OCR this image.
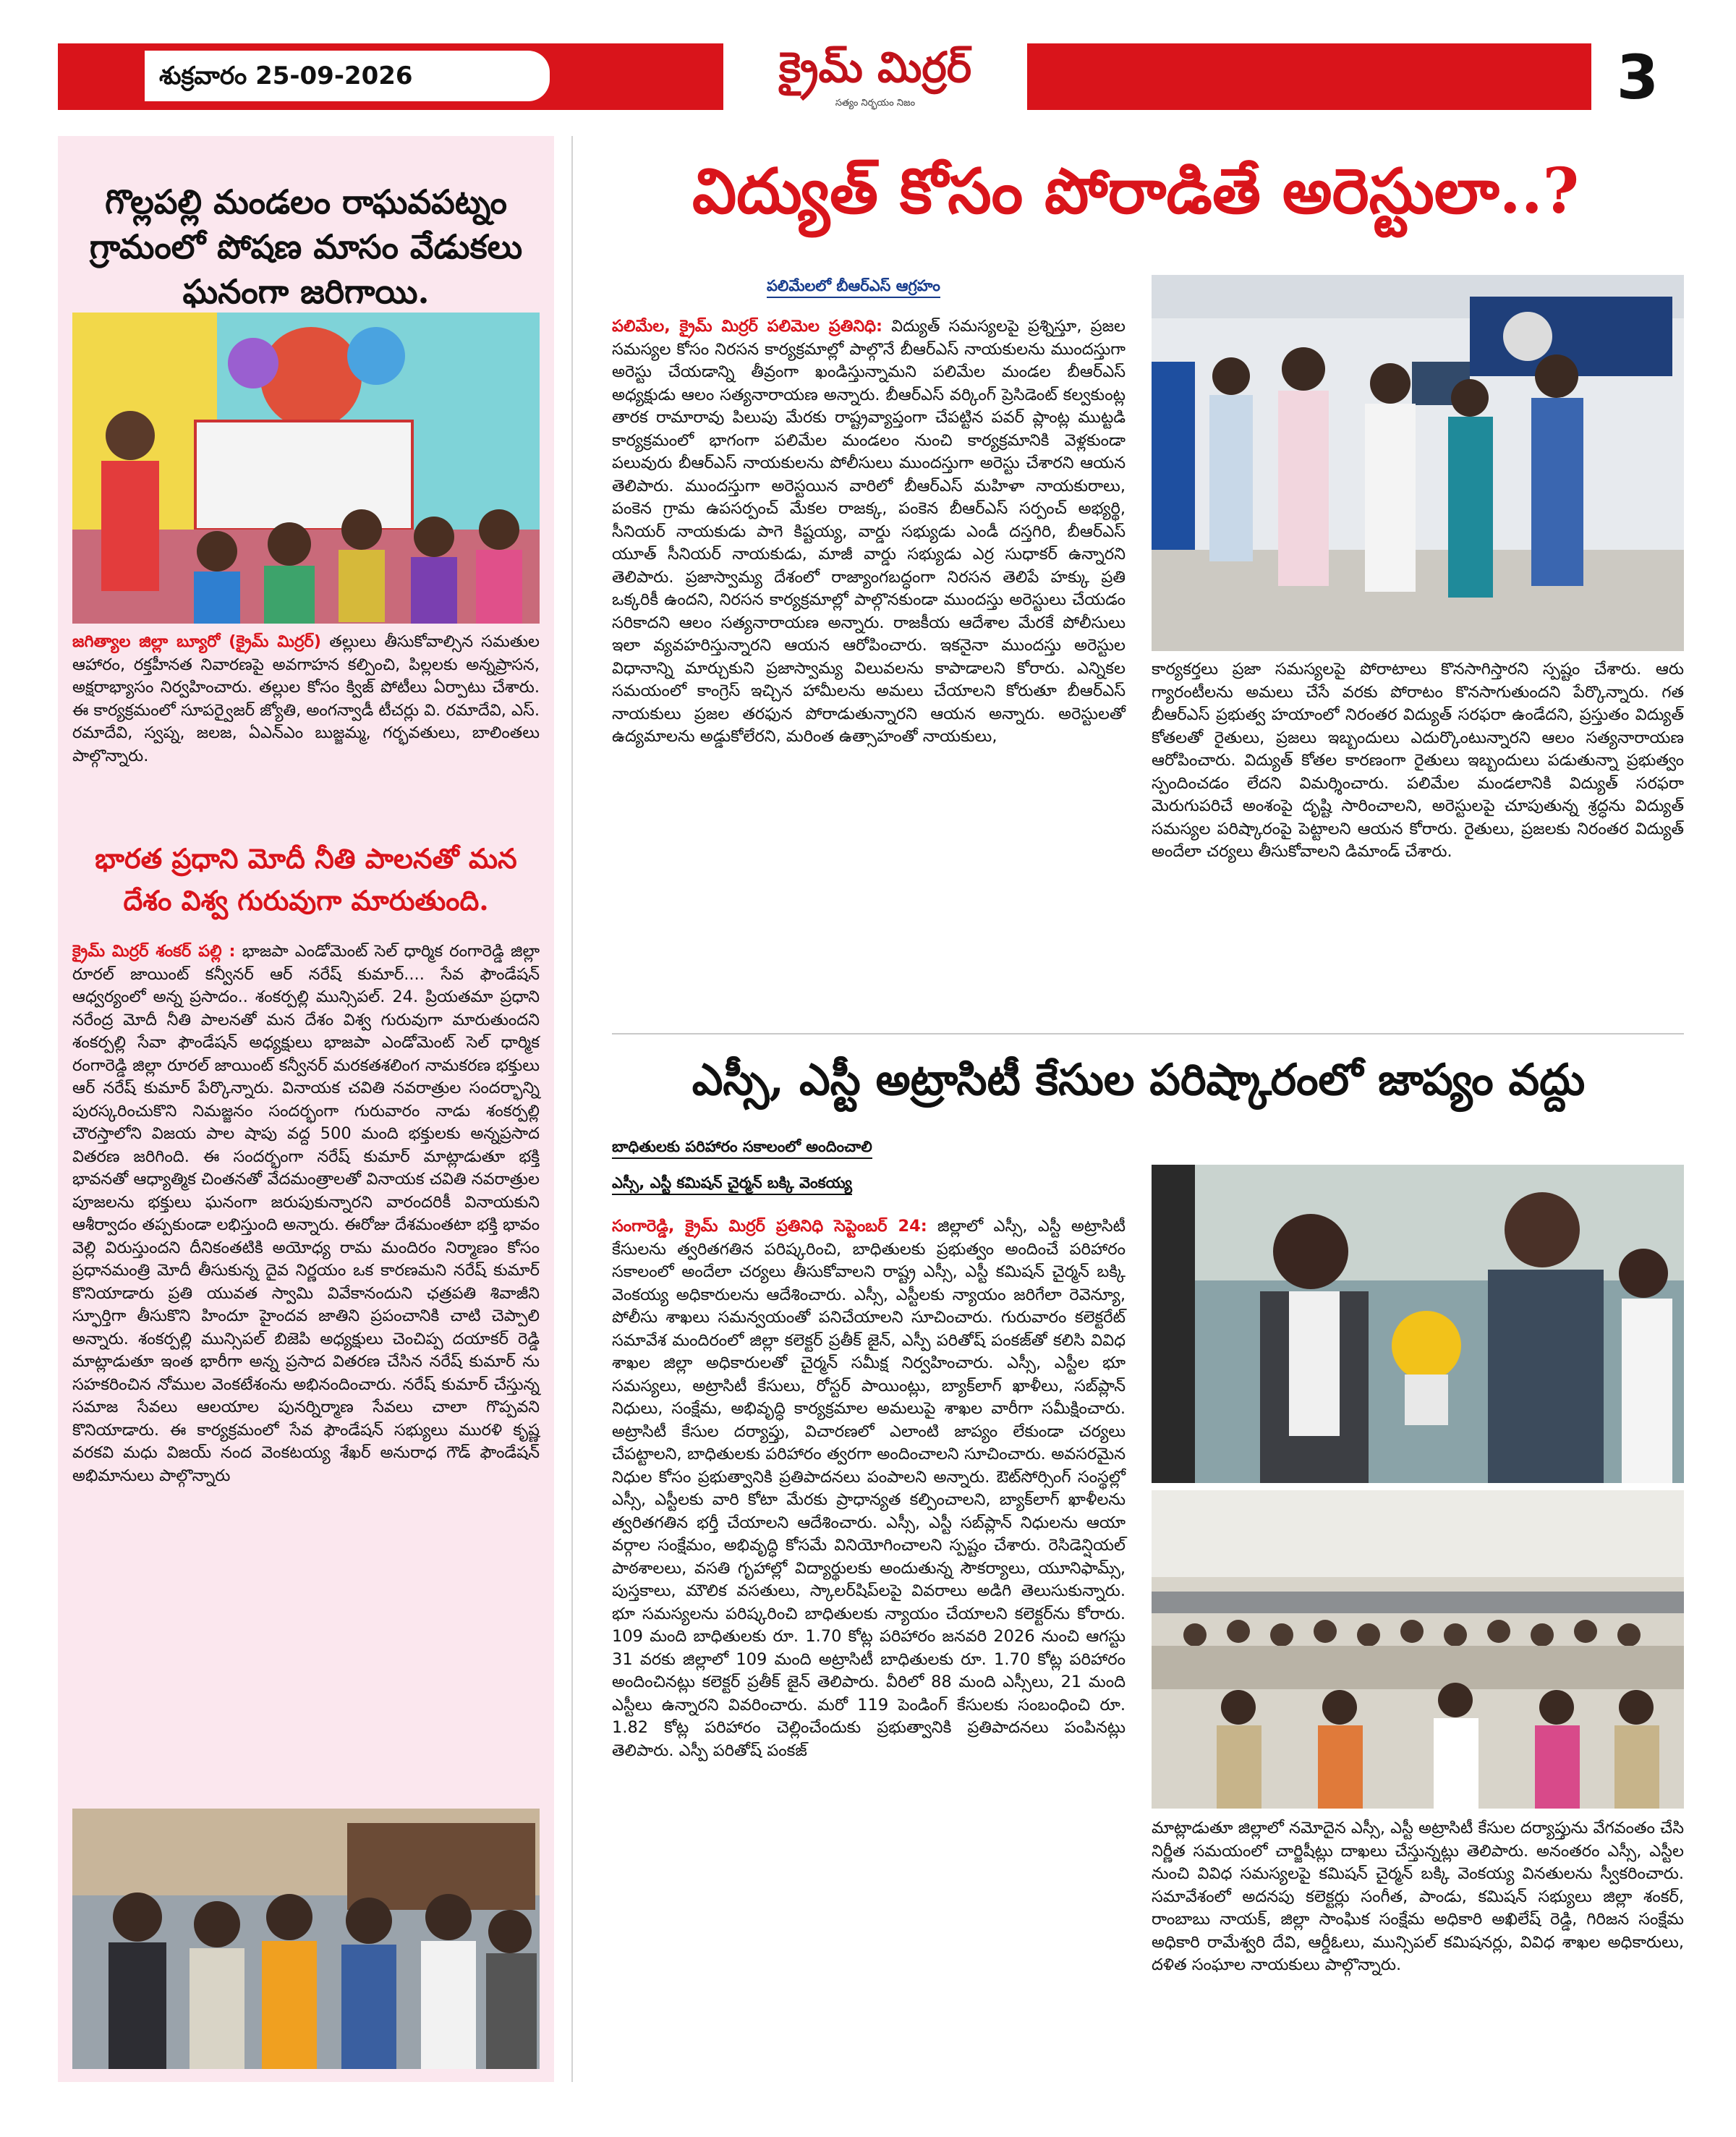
శుక్రవారం 25-09-2026	క్రైమ్ మిర్రర్
సత్యం నిర్భయం నిజం	3
గొల్లపల్లి మండలం రాఘవపట్నం గ్రామంలో పోషణ మాసం వేడుకలు ఘనంగా జరిగాయి.
జగిత్యాల జిల్లా బ్యూరో (క్రైమ్ మిర్రర్) తల్లులు తీసుకోవాల్సిన సమతుల ఆహారం, రక్తహీనత నివారణపై అవగాహన కల్పించి, పిల్లలకు అన్నప్రాసన, అక్షరాభ్యాసం నిర్వహించారు. తల్లుల కోసం క్విజ్ పోటీలు ఏర్పాటు చేశారు. ఈ కార్యక్రమంలో సూపర్వైజర్ జ్యోతి, అంగన్వాడీ టీచర్లు వి. రమాదేవి, ఎస్. రమాదేవి, స్వప్న, జలజ, ఏఎన్ఎం బుజ్జమ్మ, గర్భవతులు, బాలింతలు పాల్గొన్నారు.
భారత ప్రధాని మోదీ నీతి పాలనతో మన దేశం విశ్వ గురువుగా మారుతుంది.
క్రైమ్ మిర్రర్ శంకర్ పల్లి : భాజపా ఎండోమెంట్ సెల్ ధార్మిక రంగారెడ్డి జిల్లా రూరల్ జాయింట్ కన్వీనర్ ఆర్ నరేష్ కుమార్.... సేవ ఫౌండేషన్ ఆధ్వర్యంలో అన్న ప్రసాదం.. శంకర్పల్లి మున్సిపల్. 24. ప్రియతమా ప్రధాని నరేంద్ర మోదీ నీతి పాలనతో మన దేశం విశ్వ గురువుగా మారుతుందని శంకర్పల్లి సేవా ఫౌండేషన్ అధ్యక్షులు భాజపా ఎండోమెంట్ సెల్ ధార్మిక రంగారెడ్డి జిల్లా రూరల్ జాయింట్ కన్వీనర్ మరకతశలింగ నామకరణ భక్తులు ఆర్ నరేష్ కుమార్ పేర్కొన్నారు. వినాయక చవితి నవరాత్రుల సందర్భాన్ని పురస్కరించుకొని నిమజ్జనం సందర్భంగా గురువారం నాడు శంకర్పల్లి చౌరస్తాలోని విజయ పాల షాపు వద్ద 500 మంది భక్తులకు అన్నప్రసాద వితరణ జరిగింది. ఈ సందర్భంగా నరేష్ కుమార్ మాట్లాడుతూ భక్తి భావనతో ఆధ్యాత్మిక చింతనతో వేదమంత్రాలతో వినాయక చవితి నవరాత్రుల పూజలను భక్తులు ఘనంగా జరుపుకున్నారని వారందరికీ వినాయకుని ఆశీర్వాదం తప్పకుండా లభిస్తుంది అన్నారు. ఈరోజు దేశమంతటా భక్తి భావం వెల్లి విరుస్తుందని దీనికంతటికి అయోధ్య రామ మందిరం నిర్మాణం కోసం ప్రధానమంత్రి మోదీ తీసుకున్న దైవ నిర్ణయం ఒక కారణమని నరేష్ కుమార్ కొనియాడారు ప్రతి యువత స్వామి వివేకానందుని ఛత్రపతి శివాజీని స్ఫూర్తిగా తీసుకొని హిందూ హైందవ జాతిని ప్రపంచానికి చాటి చెప్పాలి అన్నారు. శంకర్పల్లి మున్సిపల్ బిజెపి అధ్యక్షులు చెంచిప్ప దయాకర్ రెడ్డి మాట్లాడుతూ ఇంత భారీగా అన్న ప్రసాద వితరణ చేసిన నరేష్ కుమార్ ను సహకరించిన నోముల వెంకటేశంను అభినందించారు. నరేష్ కుమార్ చేస్తున్న సమాజ సేవలు ఆలయాల పునర్నిర్మాణ సేవలు చాలా గొప్పవని కొనియాడారు. ఈ కార్యక్రమంలో సేవ ఫౌండేషన్ సభ్యులు మురళి కృష్ణ వరకవి మధు విజయ్ నంద వెంకటయ్య శేఖర్ అనురాధ గౌడ్ ఫౌండేషన్ అభిమానులు పాల్గొన్నారు
విద్యుత్ కోసం పోరాడితే అరెస్టులా..?
పలిమేలలో బీఆర్ఎస్ ఆగ్రహం
పలిమేల, క్రైమ్ మిర్రర్ పలిమెల ప్రతినిధి: విద్యుత్ సమస్యలపై ప్రశ్నిస్తూ, ప్రజల సమస్యల కోసం నిరసన కార్యక్రమాల్లో పాల్గొనే బీఆర్ఎస్ నాయకులను ముందస్తుగా అరెస్టు చేయడాన్ని తీవ్రంగా ఖండిస్తున్నామని పలిమేల మండల బీఆర్ఎస్ అధ్యక్షుడు ఆలం సత్యనారాయణ అన్నారు. బీఆర్ఎస్ వర్కింగ్ ప్రెసిడెంట్ కల్వకుంట్ల తారక రామారావు పిలుపు మేరకు రాష్ట్రవ్యాప్తంగా చేపట్టిన పవర్ ప్లాంట్ల ముట్టడి కార్యక్రమంలో భాగంగా పలిమేల మండలం నుంచి కార్యక్రమానికి వెళ్లకుండా పలువురు బీఆర్ఎస్ నాయకులను పోలీసులు ముందస్తుగా అరెస్టు చేశారని ఆయన తెలిపారు. ముందస్తుగా అరెస్టయిన వారిలో బీఆర్ఎస్ మహిళా నాయకురాలు, పంకెన గ్రామ ఉపసర్పంచ్ మేకల రాజక్క, పంకెన బీఆర్ఎస్ సర్పంచ్ అభ్యర్థి, సీనియర్ నాయకుడు పాగె కిష్టయ్య, వార్డు సభ్యుడు ఎండీ దస్తగిరి, బీఆర్ఎస్ యూత్ సీనియర్ నాయకుడు, మాజీ వార్డు సభ్యుడు ఎర్ర సుధాకర్ ఉన్నారని తెలిపారు. ప్రజాస్వామ్య దేశంలో రాజ్యాంగబద్ధంగా నిరసన తెలిపే హక్కు ప్రతి ఒక్కరికీ ఉందని, నిరసన కార్యక్రమాల్లో పాల్గొనకుండా ముందస్తు అరెస్టులు చేయడం సరికాదని ఆలం సత్యనారాయణ అన్నారు. రాజకీయ ఆదేశాల మేరకే పోలీసులు ఇలా వ్యవహరిస్తున్నారని ఆయన ఆరోపించారు. ఇకనైనా ముందస్తు అరెస్టుల విధానాన్ని మార్చుకుని ప్రజాస్వామ్య విలువలను కాపాడాలని కోరారు. ఎన్నికల సమయంలో కాంగ్రెస్ ఇచ్చిన హామీలను అమలు చేయాలని కోరుతూ బీఆర్ఎస్ నాయకులు ప్రజల తరఫున పోరాడుతున్నారని ఆయన అన్నారు. అరెస్టులతో ఉద్యమాలను అడ్డుకోలేరని, మరింత ఉత్సాహంతో నాయకులు,
కార్యకర్తలు ప్రజా సమస్యలపై పోరాటాలు కొనసాగిస్తారని స్పష్టం చేశారు. ఆరు గ్యారంటీలను అమలు చేసే వరకు పోరాటం కొనసాగుతుందని పేర్కొన్నారు. గత బీఆర్ఎస్ ప్రభుత్వ హయాంలో నిరంతర విద్యుత్ సరఫరా ఉండేదని, ప్రస్తుతం విద్యుత్ కోతలతో రైతులు, ప్రజలు ఇబ్బందులు ఎదుర్కొంటున్నారని ఆలం సత్యనారాయణ ఆరోపించారు. విద్యుత్ కోతల కారణంగా రైతులు ఇబ్బందులు పడుతున్నా ప్రభుత్వం స్పందించడం లేదని విమర్శించారు. పలిమేల మండలానికి విద్యుత్ సరఫరా మెరుగుపరిచే అంశంపై దృష్టి సారించాలని, అరెస్టులపై చూపుతున్న శ్రద్ధను విద్యుత్ సమస్యల పరిష్కారంపై పెట్టాలని ఆయన కోరారు. రైతులు, ప్రజలకు నిరంతర విద్యుత్ అందేలా చర్యలు తీసుకోవాలని డిమాండ్ చేశారు.
ఎస్సీ, ఎస్టీ అట్రాసిటీ కేసుల పరిష్కారంలో జాప్యం వద్దు
బాధితులకు పరిహారం సకాలంలో అందించాలి
ఎస్సీ, ఎస్టీ కమిషన్ చైర్మన్ బక్కి వెంకయ్య
సంగారెడ్డి, క్రైమ్ మిర్రర్ ప్రతినిధి సెప్టెంబర్ 24: జిల్లాలో ఎస్సీ, ఎస్టీ అట్రాసిటీ కేసులను త్వరితగతిన పరిష్కరించి, బాధితులకు ప్రభుత్వం అందించే పరిహారం సకాలంలో అందేలా చర్యలు తీసుకోవాలని రాష్ట్ర ఎస్సీ, ఎస్టీ కమిషన్ చైర్మన్ బక్కి వెంకయ్య అధికారులను ఆదేశించారు. ఎస్సీ, ఎస్టీలకు న్యాయం జరిగేలా రెవెన్యూ, పోలీసు శాఖలు సమన్వయంతో పనిచేయాలని సూచించారు. గురువారం కలెక్టరేట్ సమావేశ మందిరంలో జిల్లా కలెక్టర్ ప్రతీక్ జైన్, ఎస్పీ పరితోష్ పంకజ్‌తో కలిసి వివిధ శాఖల జిల్లా అధికారులతో చైర్మన్ సమీక్ష నిర్వహించారు. ఎస్సీ, ఎస్టీల భూ సమస్యలు, అట్రాసిటీ కేసులు, రోస్టర్ పాయింట్లు, బ్యాక్‌లాగ్ ఖాళీలు, సబ్‌ప్లాన్ నిధులు, సంక్షేమ, అభివృద్ధి కార్యక్రమాల అమలుపై శాఖల వారీగా సమీక్షించారు. అట్రాసిటీ కేసుల దర్యాప్తు, విచారణలో ఎలాంటి జాప్యం లేకుండా చర్యలు చేపట్టాలని, బాధితులకు పరిహారం త్వరగా అందించాలని సూచించారు. అవసరమైన నిధుల కోసం ప్రభుత్వానికి ప్రతిపాదనలు పంపాలని అన్నారు. ఔట్‌సోర్సింగ్ సంస్థల్లో ఎస్సీ, ఎస్టీలకు వారి కోటా మేరకు ప్రాధాన్యత కల్పించాలని, బ్యాక్‌లాగ్ ఖాళీలను త్వరితగతిన భర్తీ చేయాలని ఆదేశించారు. ఎస్సీ, ఎస్టీ సబ్‌ప్లాన్ నిధులను ఆయా వర్గాల సంక్షేమం, అభివృద్ధి కోసమే వినియోగించాలని స్పష్టం చేశారు. రెసిడెన్షియల్ పాఠశాలలు, వసతి గృహాల్లో విద్యార్థులకు అందుతున్న సౌకర్యాలు, యూనిఫామ్స్, పుస్తకాలు, మౌలిక వసతులు, స్కాలర్‌షిప్‌లపై వివరాలు అడిగి తెలుసుకున్నారు. భూ సమస్యలను పరిష్కరించి బాధితులకు న్యాయం చేయాలని కలెక్టర్‌ను కోరారు. 109 మంది బాధితులకు రూ. 1.70 కోట్ల పరిహారం జనవరి 2026 నుంచి ఆగస్టు 31 వరకు జిల్లాలో 109 మంది అట్రాసిటీ బాధితులకు రూ. 1.70 కోట్ల పరిహారం అందించినట్లు కలెక్టర్ ప్రతీక్ జైన్ తెలిపారు. వీరిలో 88 మంది ఎస్సీలు, 21 మంది ఎస్టీలు ఉన్నారని వివరించారు. మరో 119 పెండింగ్ కేసులకు సంబంధించి రూ. 1.82 కోట్ల పరిహారం చెల్లించేందుకు ప్రభుత్వానికి ప్రతిపాదనలు పంపినట్లు తెలిపారు. ఎస్పీ పరితోష్ పంకజ్
మాట్లాడుతూ జిల్లాలో నమోదైన ఎస్సీ, ఎస్టీ అట్రాసిటీ కేసుల దర్యాప్తును వేగవంతం చేసి నిర్ణీత సమయంలో చార్జిషీట్లు దాఖలు చేస్తున్నట్లు తెలిపారు. అనంతరం ఎస్సీ, ఎస్టీల నుంచి వివిధ సమస్యలపై కమిషన్ చైర్మన్ బక్కి వెంకయ్య వినతులను స్వీకరించారు. సమావేశంలో అదనపు కలెక్టర్లు సంగీత, పాండు, కమిషన్ సభ్యులు జిల్లా శంకర్, రాంబాబు నాయక్, జిల్లా సాంఘిక సంక్షేమ అధికారి అఖిలేష్ రెడ్డి, గిరిజన సంక్షేమ అధికారి రామేశ్వరి దేవి, ఆర్డీఓలు, మున్సిపల్ కమిషనర్లు, వివిధ శాఖల అధికారులు, దళిత సంఘాల నాయకులు పాల్గొన్నారు.
